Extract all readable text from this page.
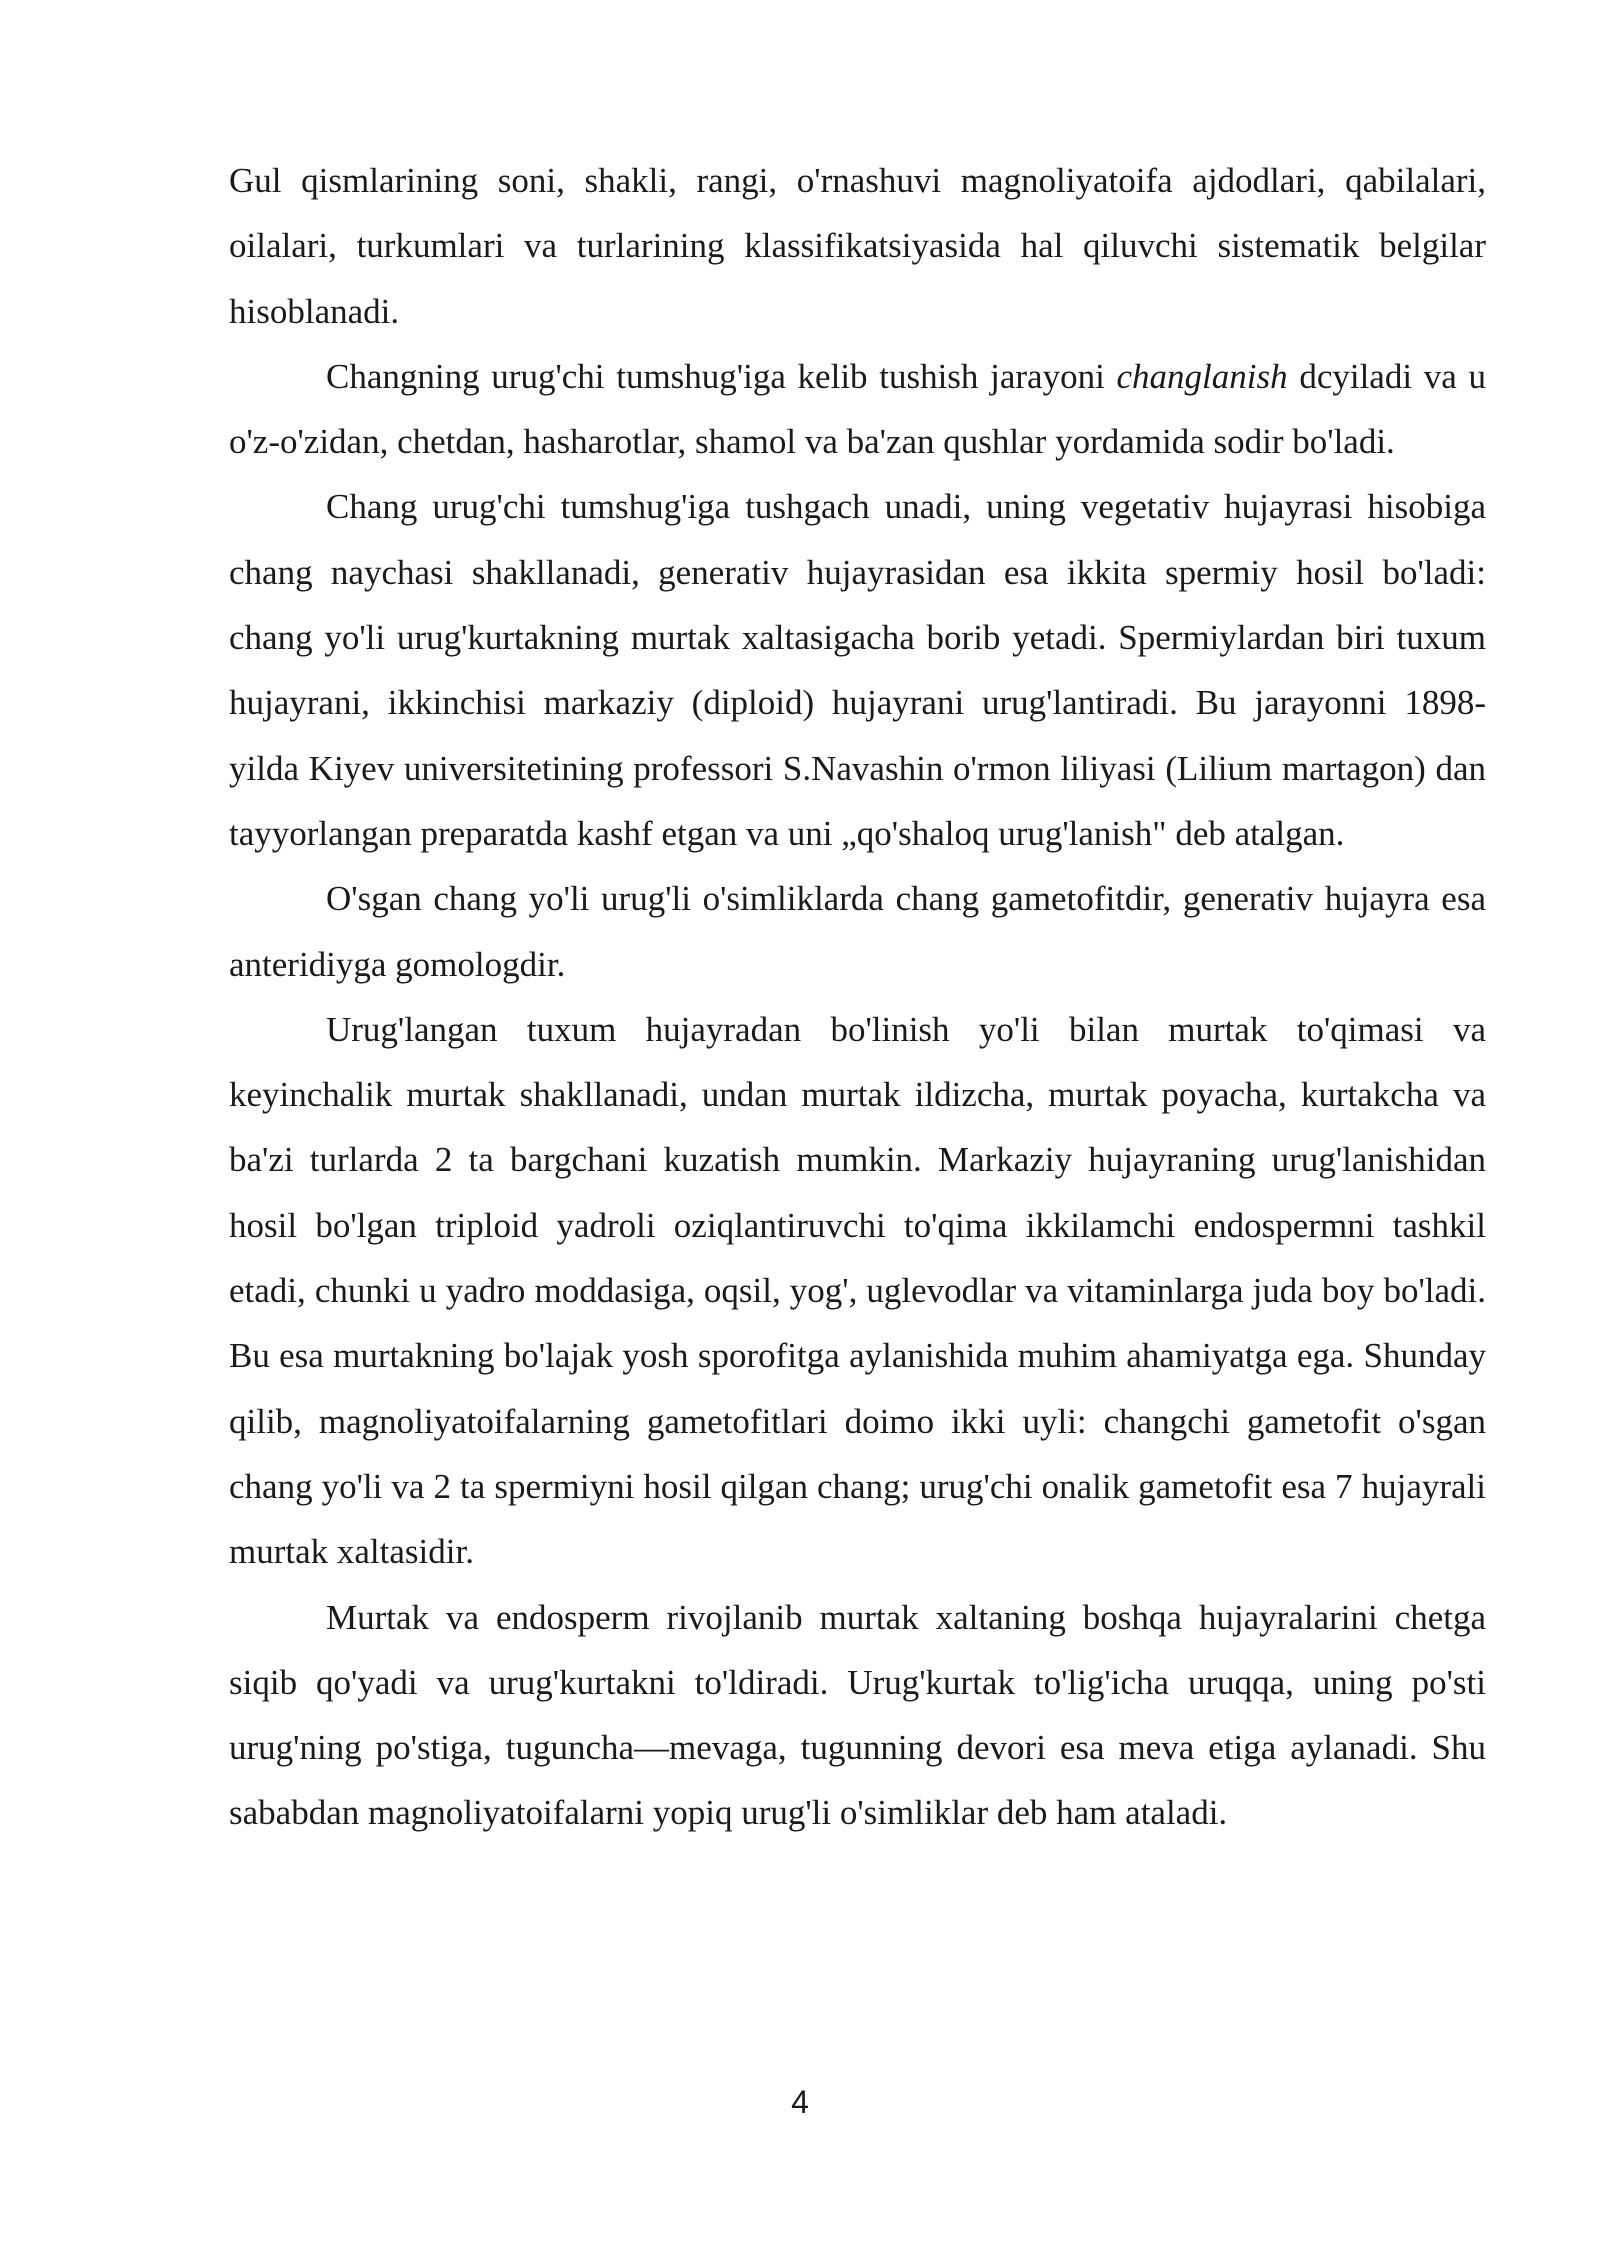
Gul qismlarining soni, shakli, rangi, o'rnashuvi magnoliyatoifa ajdodlari, qabilalari, oilalari, turkumlari va turlarining klassifikatsiyasida hal qiluvchi sistematik belgilar hisoblanadi.

Changning urug'chi tumshug'iga kelib tushish jarayoni changlanish dcyiladi va u o'z-o'zidan, chetdan, hasharotlar, shamol va ba'zan qushlar yordamida sodir bo'ladi.

Chang urug'chi tumshug'iga tushgach unadi, uning vegetativ hujayrasi hisobiga chang naychasi shakllanadi, generativ hujayrasidan esa ikkita spermiy hosil bo'ladi: chang yo'li urug'kurtakning murtak xaltasigacha borib yetadi. Spermiylardan biri tuxum hujayrani, ikkinchisi markaziy (diploid) hujayrani urug'lantiradi. Bu jarayonni 1898- yilda Kiyev universitetining professori S.Navashin o'rmon liliyasi (Lilium martagon) dan tayyorlangan preparatda kashf etgan va uni „qo'shaloq urug'lanish" deb atalgan.

O'sgan chang yo'li urug'li o'simliklarda chang gametofitdir, generativ hujayra esa anteridiyga gomologdir.

Urug'langan tuxum hujayradan bo'linish yo'li bilan murtak to'qimasi va keyinchalik murtak shakllanadi, undan murtak ildizcha, murtak poyacha, kurtakcha va ba'zi turlarda 2 ta bargchani kuzatish mumkin. Markaziy hujayraning urug'lanishidan hosil bo'lgan triploid yadroli oziqlantiruvchi to'qima ikkilamchi endospermni tashkil etadi, chunki u yadro moddasiga, oqsil, yog', uglevodlar va vitaminlarga juda boy bo'ladi. Bu esa murtakning bo'lajak yosh sporofitga aylanishida muhim ahamiyatga ega. Shunday qilib, magnoliyatoifalarning gametofitlari doimo ikki uyli: changchi gametofit o'sgan chang yo'li va 2 ta spermiyni hosil qilgan chang; urug'chi onalik gametofit esa 7 hujayrali murtak xaltasidir.

Murtak va endosperm rivojlanib murtak xaltaning boshqa hujayralarini chetga siqib qo'yadi va urug'kurtakni to'ldiradi. Urug'kurtak to'lig'icha uruqqa, uning po'sti urug'ning po'stiga, tuguncha—mevaga, tugunning devori esa meva etiga aylanadi. Shu sababdan magnoliyatoifalarni yopiq urug'li o'simliklar deb ham ataladi.

4
